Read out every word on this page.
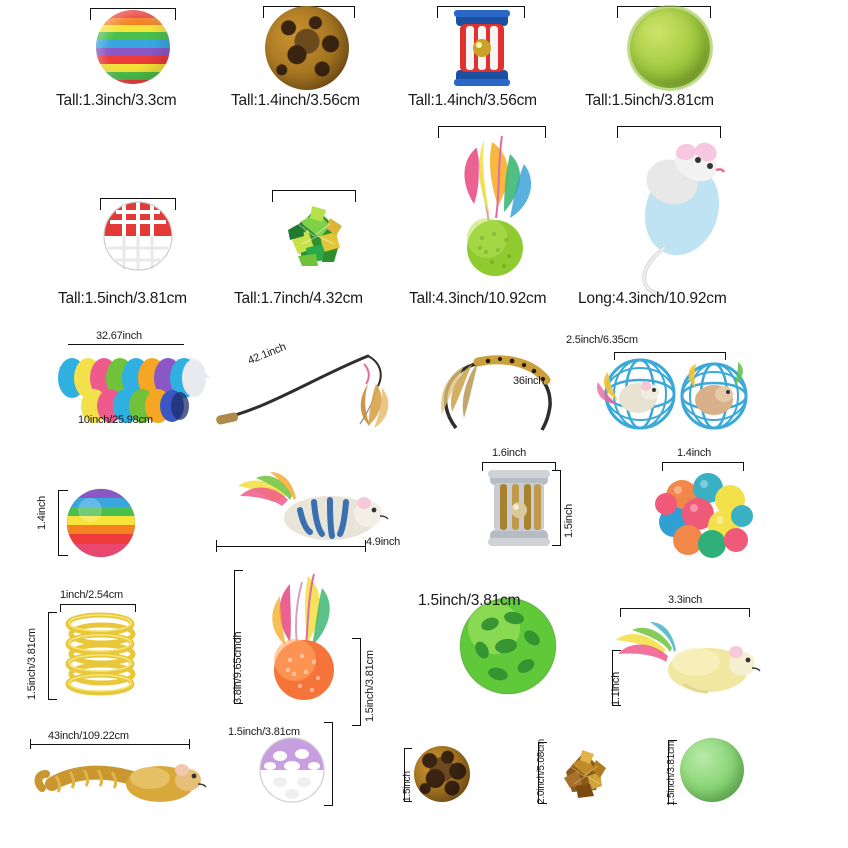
Tall:1.3inch/3.3cm	Tall:1.4inch/3.56cm	Tall:1.4inch/3.56cm	Tall:1.5inch/3.81cm
Tall:1.5inch/3.81cm	Tall:1.7inch/4.32cm	Tall:4.3inch/10.92cm Long:4.3inch/10.92cm
32.67inch
10inch/25.98cm
42.1inch
36inch
2.5inch/6.35cm
1.4inch
4.9inch
1.6inch
1.5inch
1.4inch
1inch/2.54cm
1.5inch/3.81cm	3.8in/9.65cmdh	1.5inch/3.81cm
1.5inch/3.81cm	3.3inch
1.1inch
43inch/109.22cm	1.5inch/3.81cm
1.5inch	2.0inch/5.08cm	1.5inch/3.81cm
